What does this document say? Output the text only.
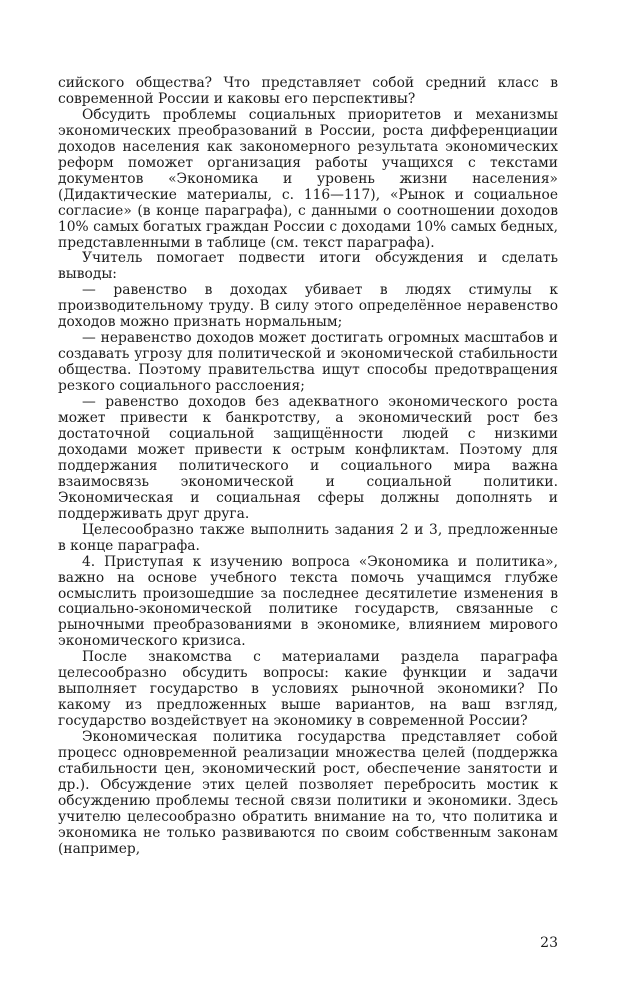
сийского общества? Что представляет собой средний класс в современной России и каковы его перспективы?

Обсудить проблемы социальных приоритетов и механизмы экономических преобразований в России, роста дифференциации доходов населения как закономерного результата экономических реформ поможет организация работы учащихся с текстами документов «Экономика и уровень жизни населения» (Дидактические материалы, с. 116—117), «Рынок и социальное согласие» (в конце параграфа), с данными о соотношении доходов 10% самых богатых граждан России с доходами 10% самых бедных, представленными в таблице (см. текст параграфа).

Учитель помогает подвести итоги обсуждения и сделать выводы:

— равенство в доходах убивает в людях стимулы к производительному труду. В силу этого определённое неравенство доходов можно признать нормальным;

— неравенство доходов может достигать огромных масштабов и создавать угрозу для политической и экономической стабильности общества. Поэтому правительства ищут способы предотвращения резкого социального расслоения;

— равенство доходов без адекватного экономического роста может привести к банкротству, а экономический рост без достаточной социальной защищённости людей с низкими доходами может привести к острым конфликтам. Поэтому для поддержания политического и социального мира важна взаимосвязь экономической и социальной политики. Экономическая и социальная сферы должны дополнять и поддерживать друг друга.

Целесообразно также выполнить задания 2 и 3, предложенные в конце параграфа.

4. Приступая к изучению вопроса «Экономика и политика», важно на основе учебного текста помочь учащимся глубже осмыслить произошедшие за последнее десятилетие изменения в социально-экономической политике государств, связанные с рыночными преобразованиями в экономике, влиянием мирового экономического кризиса.

После знакомства с материалами раздела параграфа целесообразно обсудить вопросы: какие функции и задачи выполняет государство в условиях рыночной экономики? По какому из предложенных выше вариантов, на ваш взгляд, государство воздействует на экономику в современной России?

Экономическая политика государства представляет собой процесс одновременной реализации множества целей (поддержка стабильности цен, экономический рост, обеспечение занятости и др.). Обсуждение этих целей позволяет перебросить мостик к обсуждению проблемы тесной связи политики и экономики. Здесь учителю целесообразно обратить внимание на то, что политика и экономика не только развиваются по своим собственным законам (например,

23
